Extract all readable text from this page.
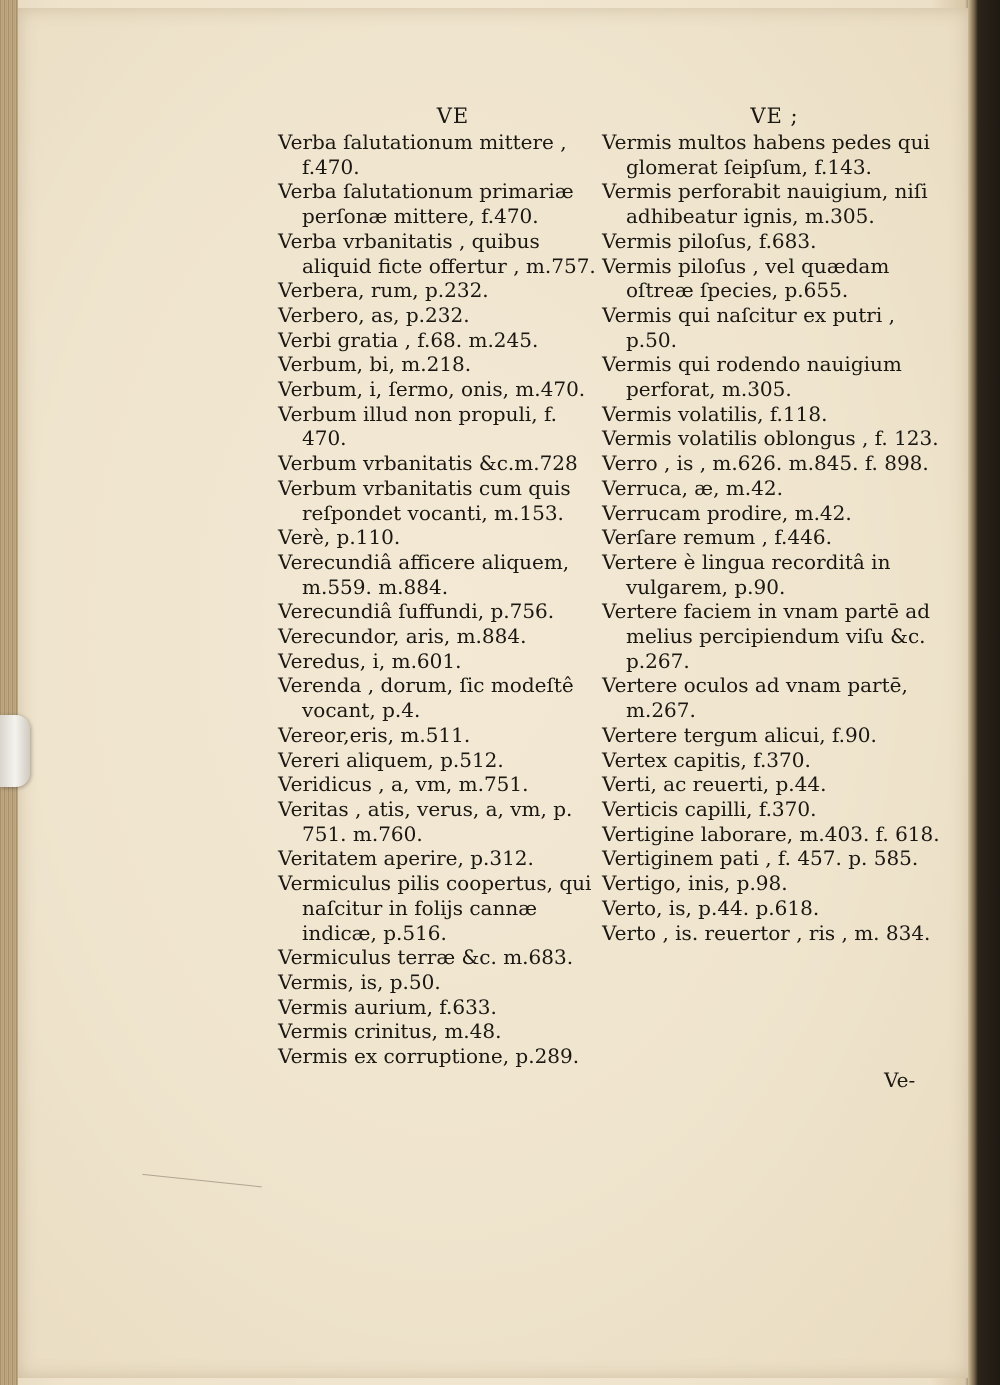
VE
Verba ſalutationum mittere , f.470.
Verba ſalutationum primariæ perſonæ mittere, f.470.
Verba vrbanitatis , quibus aliquid ficte offertur , m.757.
Verbera, rum, p.232.
Verbero, as, p.232.
Verbi gratia , f.68. m.245.
Verbum, bi, m.218.
Verbum, i, ſermo, onis, m.470.
Verbum illud non propuli, f. 470.
Verbum vrbanitatis &c.m.728
Verbum vrbanitatis cum quis reſpondet vocanti, m.153.
Verè, p.110.
Verecundiâ afficere aliquem, m.559. m.884.
Verecundiâ ſuffundi, p.756.
Verecundor, aris, m.884.
Veredus, i, m.601.
Verenda , dorum, ſic modeſtê vocant, p.4.
Vereor,eris, m.511.
Vereri aliquem, p.512.
Veridicus , a, vm, m.751.
Veritas , atis, verus, a, vm, p. 751. m.760.
Veritatem aperire, p.312.
Vermiculus pilis coopertus, qui naſcitur in folijs cannæ indicæ, p.516.
Vermiculus terræ &c. m.683.
Vermis, is, p.50.
Vermis aurium, f.633.
Vermis crinitus, m.48.
Vermis ex corruptione, p.289.
VE ;
Vermis multos habens pedes qui glomerat ſeipſum, f.143.
Vermis perforabit nauigium, niſi adhibeatur ignis, m.305.
Vermis piloſus, f.683.
Vermis piloſus , vel quædam oſtreæ ſpecies, p.655.
Vermis qui naſcitur ex putri , p.50.
Vermis qui rodendo nauigium perforat, m.305.
Vermis volatilis, f.118.
Vermis volatilis oblongus , f. 123.
Verro , is , m.626. m.845. f. 898.
Verruca, æ, m.42.
Verrucam prodire, m.42.
Verſare remum , f.446.
Vertere è lingua recorditâ in vulgarem, p.90.
Vertere faciem in vnam partē ad melius percipiendum viſu &c. p.267.
Vertere oculos ad vnam partē, m.267.
Vertere tergum alicui, f.90.
Vertex capitis, f.370.
Verti, ac reuerti, p.44.
Verticis capilli, f.370.
Vertigine laborare, m.403. f. 618.
Vertiginem pati , f. 457. p. 585.
Vertigo, inis, p.98.
Verto, is, p.44. p.618.
Verto , is. reuertor , ris , m. 834.
Ve-
